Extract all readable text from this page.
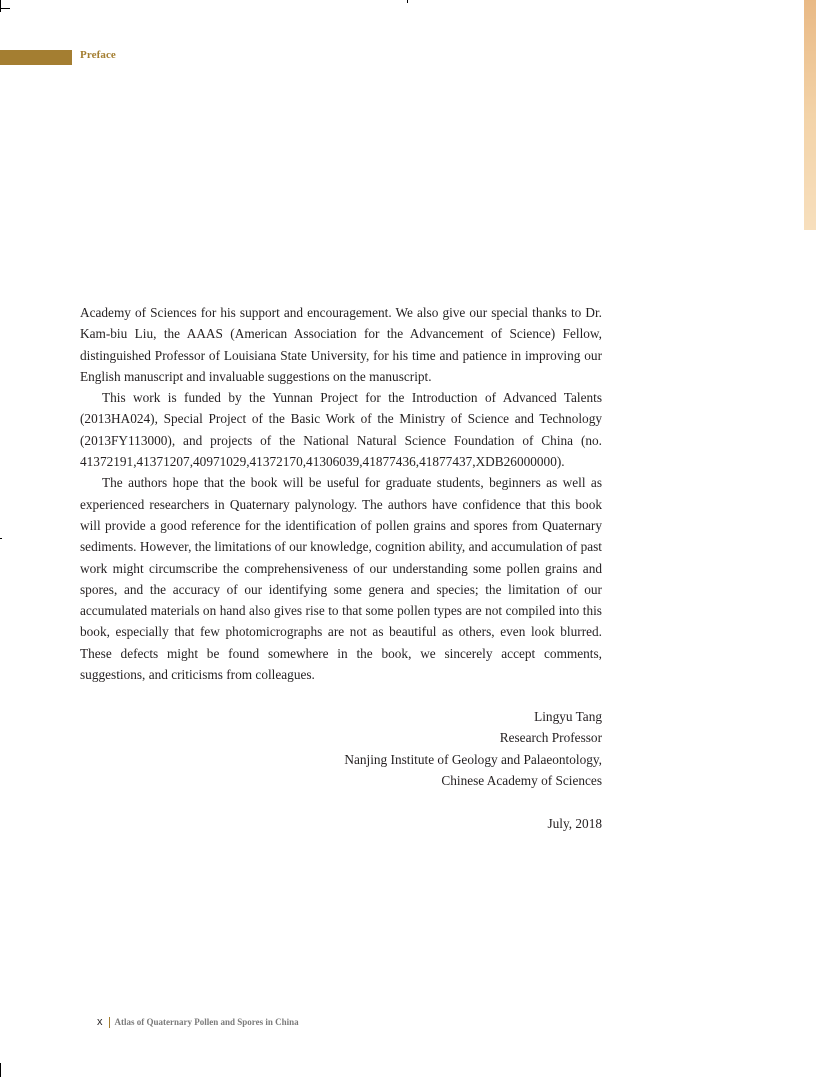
Preface

Academy of Sciences for his support and encouragement. We also give our special thanks to Dr. Kam-biu Liu, the AAAS (American Association for the Advancement of Science) Fellow, distinguished Professor of Louisiana State University, for his time and patience in improving our English manuscript and invaluable suggestions on the manuscript.

This work is funded by the Yunnan Project for the Introduction of Advanced Talents (2013HA024), Special Project of the Basic Work of the Ministry of Science and Technology (2013FY113000), and projects of the National Natural Science Foundation of China (no. 41372191,41371207,40971029,41372170,41306039,41877436,41877437,XDB26000000).

The authors hope that the book will be useful for graduate students, beginners as well as experienced researchers in Quaternary palynology. The authors have confidence that this book will provide a good reference for the identification of pollen grains and spores from Quaternary sediments. However, the limitations of our knowledge, cognition ability, and accumulation of past work might circumscribe the comprehensiveness of our understanding some pollen grains and spores, and the accuracy of our identifying some genera and species; the limitation of our accumulated materials on hand also gives rise to that some pollen types are not compiled into this book, especially that few photomicrographs are not as beautiful as others, even look blurred. These defects might be found somewhere in the book, we sincerely accept comments, suggestions, and criticisms from colleagues.

Lingyu Tang
Research Professor
Nanjing Institute of Geology and Palaeontology,
Chinese Academy of Sciences
July, 2018
x Atlas of Quaternary Pollen and Spores in China
